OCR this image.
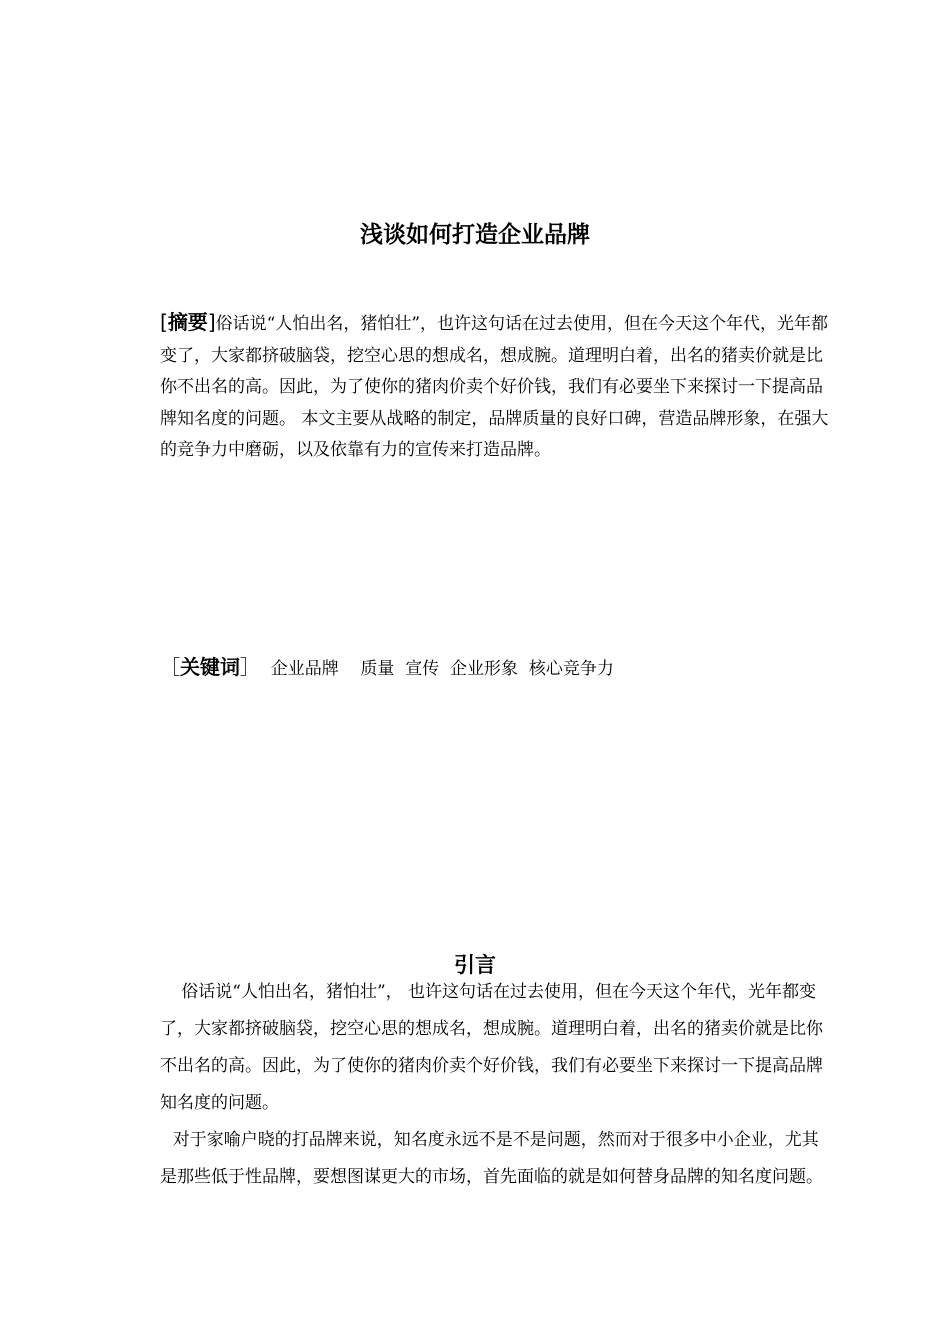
浅谈如何打造企业品牌
[摘要]俗话说“人怕出名，猪怕壮”，也许这句话在过去使用，但在今天这个年代，光年都变了，大家都挤破脑袋，挖空心思的想成名，想成腕。道理明白着，出名的猪卖价就是比你不出名的高。因此，为了使你的猪肉价卖个好价钱，我们有必要坐下来探讨一下提高品牌知名度的问题。 本文主要从战略的制定，品牌质量的良好口碑，营造品牌形象，在强大的竞争力中磨砺，以及依靠有力的宣传来打造品牌。
［关键词］  企业品牌    质量  宣传  企业形象  核心竞争力
引言

俗话说“人怕出名，猪怕壮”， 也许这句话在过去使用，但在今天这个年代，光年都变了，大家都挤破脑袋，挖空心思的想成名，想成腕。道理明白着，出名的猪卖价就是比你不出名的高。因此，为了使你的猪肉价卖个好价钱，我们有必要坐下来探讨一下提高品牌知名度的问题。

对于家喻户晓的打品牌来说，知名度永远不是不是问题，然而对于很多中小企业，尤其是那些低于性品牌，要想图谋更大的市场，首先面临的就是如何替身品牌的知名度问题。
